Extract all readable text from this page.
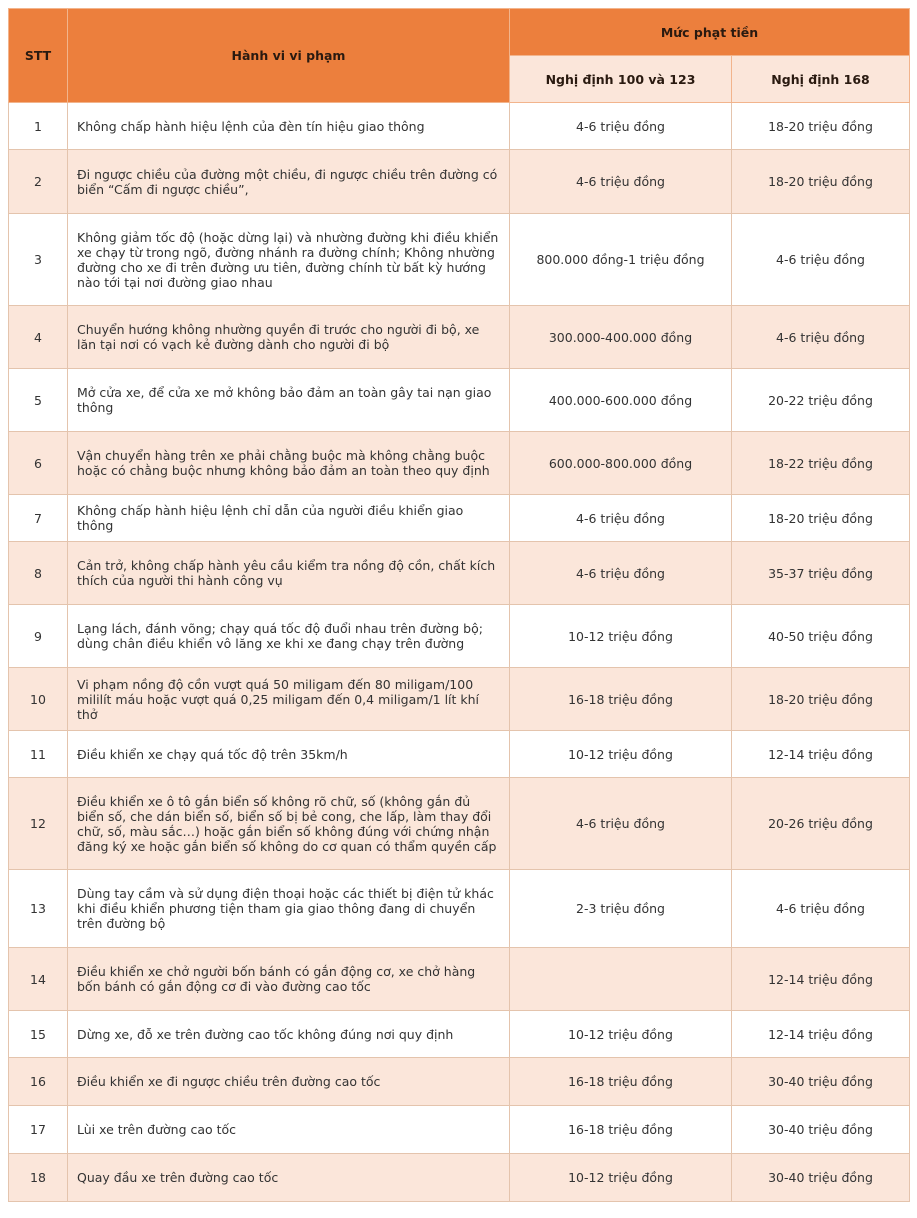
STT	Hành vi vi phạm	Mức phạt tiền	
		Nghị định 100 và 123	Nghị định 168
1	Không chấp hành hiệu lệnh của đèn tín hiệu giao thông	4-6 triệu đồng	18-20 triệu đồng
2	Đi ngược chiều của đường một chiều, đi ngược chiều trên đường có biển “Cấm đi ngược chiều”,	4-6 triệu đồng	18-20 triệu đồng
3	Không giảm tốc độ (hoặc dừng lại) và nhường đường khi điều khiển xe chạy từ trong ngõ, đường nhánh ra đường chính; Không nhường đường cho xe đi trên đường ưu tiên, đường chính từ bất kỳ hướng nào tới tại nơi đường giao nhau	800.000 đồng-1 triệu đồng	4-6 triệu đồng
4	Chuyển hướng không nhường quyền đi trước cho người đi bộ, xe lăn tại nơi có vạch kẻ đường dành cho người đi bộ	300.000-400.000 đồng	4-6 triệu đồng
5	Mở cửa xe, để cửa xe mở không bảo đảm an toàn gây tai nạn giao thông	400.000-600.000 đồng	20-22 triệu đồng
6	Vận chuyển hàng trên xe phải chằng buộc mà không chằng buộc hoặc có chằng buộc nhưng không bảo đảm an toàn theo quy định	600.000-800.000 đồng	18-22 triệu đồng
7	Không chấp hành hiệu lệnh chỉ dẫn của người điều khiển giao thông	4-6 triệu đồng	18-20 triệu đồng
8	Cản trở, không chấp hành yêu cầu kiểm tra nồng độ cồn, chất kích thích của người thi hành công vụ	4-6 triệu đồng	35-37 triệu đồng
9	Lạng lách, đánh võng; chạy quá tốc độ đuổi nhau trên đường bộ; dùng chân điều khiển vô lăng xe khi xe đang chạy trên đường	10-12 triệu đồng	40-50 triệu đồng
10	Vi phạm nồng độ cồn vượt quá 50 miligam đến 80 miligam/100 mililít máu hoặc vượt quá 0,25 miligam đến 0,4 miligam/1 lít khí thở	16-18 triệu đồng	18-20 triệu đồng
11	Điều khiển xe chạy quá tốc độ trên 35km/h	10-12 triệu đồng	12-14 triệu đồng
12	Điều khiển xe ô tô gắn biển số không rõ chữ, số (không gắn đủ biển số, che dán biển số, biển số bị bẻ cong, che lấp, làm thay đổi chữ, số, màu sắc…) hoặc gắn biển số không đúng với chứng nhận đăng ký xe hoặc gắn biển số không do cơ quan có thẩm quyền cấp	4-6 triệu đồng	20-26 triệu đồng
13	Dùng tay cầm và sử dụng điện thoại hoặc các thiết bị điện tử khác khi điều khiển phương tiện tham gia giao thông đang di chuyển trên đường bộ	2-3 triệu đồng	4-6 triệu đồng
14	Điều khiển xe chở người bốn bánh có gắn động cơ, xe chở hàng bốn bánh có gắn động cơ đi vào đường cao tốc		12-14 triệu đồng
15	Dừng xe, đỗ xe trên đường cao tốc không đúng nơi quy định	10-12 triệu đồng	12-14 triệu đồng
16	Điều khiển xe đi ngược chiều trên đường cao tốc	16-18 triệu đồng	30-40 triệu đồng
17	Lùi xe trên đường cao tốc	16-18 triệu đồng	30-40 triệu đồng
18	Quay đầu xe trên đường cao tốc	10-12 triệu đồng	30-40 triệu đồng
